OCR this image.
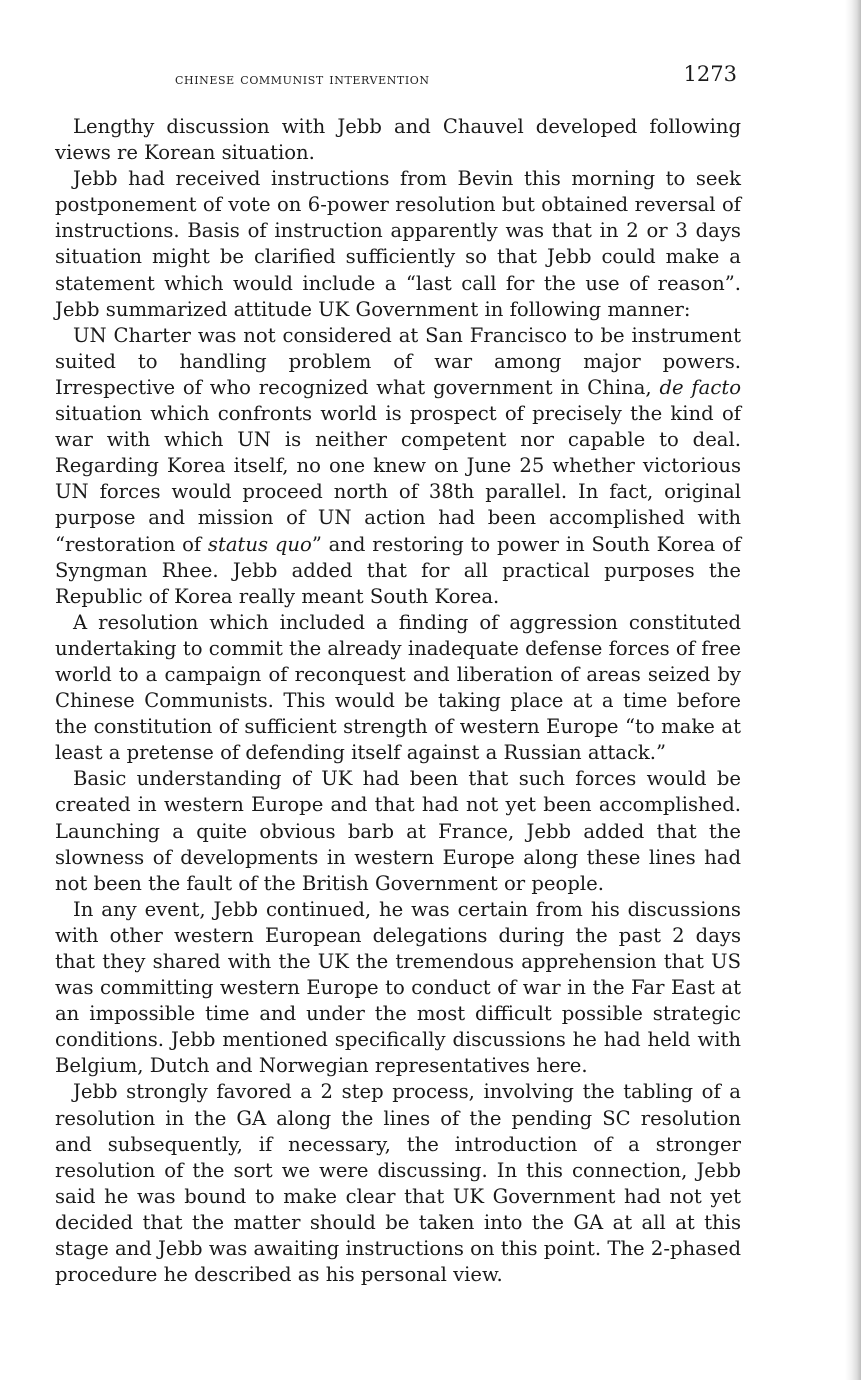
chinese communist intervention	1273

Lengthy discussion with Jebb and Chauvel developed following views re Korean situation.

Jebb had received instructions from Bevin this morning to seek postponement of vote on 6-power resolution but obtained reversal of instructions. Basis of instruction apparently was that in 2 or 3 days situation might be clarified sufficiently so that Jebb could make a statement which would include a “last call for the use of reason”. Jebb summarized attitude UK Government in following manner:

UN Charter was not considered at San Francisco to be instrument suited to handling problem of war among major powers. Irrespective of who recognized what government in China, de facto situation which confronts world is prospect of precisely the kind of war with which UN is neither competent nor capable to deal. Regarding Korea itself, no one knew on June 25 whether victorious UN forces would proceed north of 38th parallel. In fact, original purpose and mission of UN action had been accomplished with “restoration of status quo” and restoring to power in South Korea of Syngman Rhee. Jebb added that for all practical purposes the Republic of Korea really meant South Korea.

A resolution which included a finding of aggression constituted undertaking to commit the already inadequate defense forces of free world to a campaign of reconquest and liberation of areas seized by Chinese Communists. This would be taking place at a time before the constitution of sufficient strength of western Europe “to make at least a pretense of defending itself against a Russian attack.”

Basic understanding of UK had been that such forces would be created in western Europe and that had not yet been accomplished. Launching a quite obvious barb at France, Jebb added that the slowness of developments in western Europe along these lines had not been the fault of the British Government or people.

In any event, Jebb continued, he was certain from his discussions with other western European delegations during the past 2 days that they shared with the UK the tremendous apprehension that US was committing western Europe to conduct of war in the Far East at an impossible time and under the most difficult possible strategic conditions. Jebb mentioned specifically discussions he had held with Belgium, Dutch and Norwegian representatives here.

Jebb strongly favored a 2 step process, involving the tabling of a resolution in the GA along the lines of the pending SC resolution and subsequently, if necessary, the introduction of a stronger resolution of the sort we were discussing. In this connection, Jebb said he was bound to make clear that UK Government had not yet decided that the matter should be taken into the GA at all at this stage and Jebb was awaiting instructions on this point. The 2-phased procedure he described as his personal view.
